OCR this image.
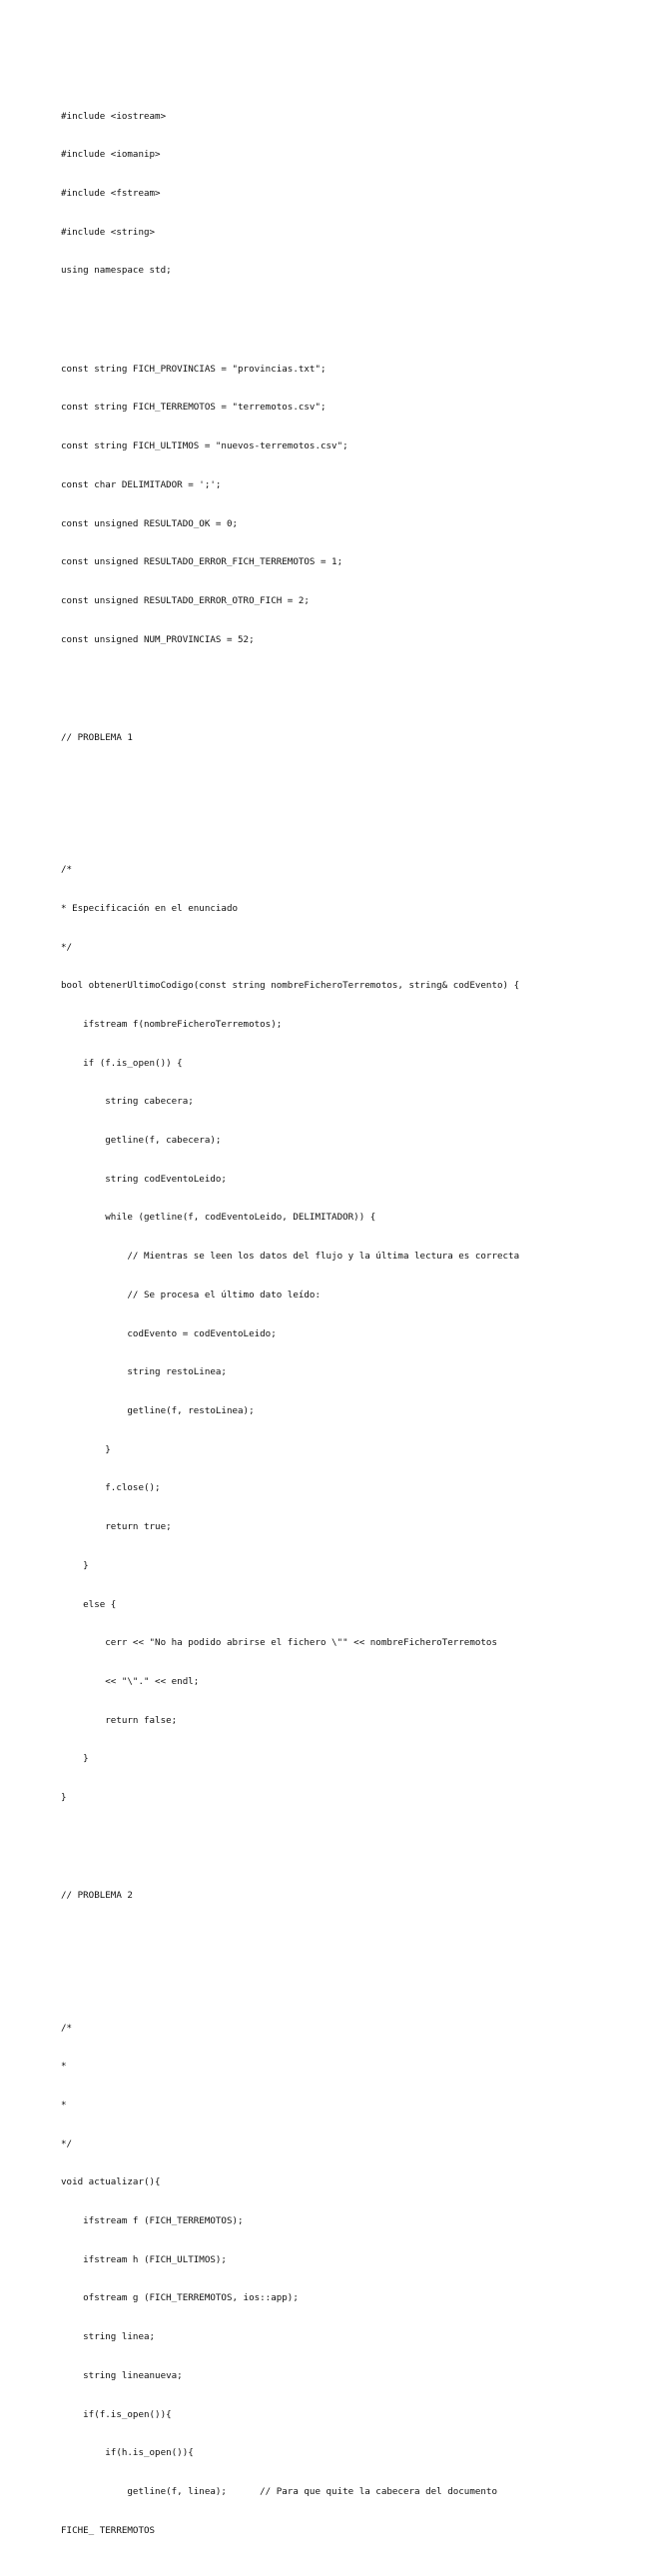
#include <iostream>

#include <iomanip>

#include <fstream>

#include <string>

using namespace std;

const string FICH_PROVINCIAS = "provincias.txt";

const string FICH_TERREMOTOS = "terremotos.csv";

const string FICH_ULTIMOS = "nuevos-terremotos.csv";

const char DELIMITADOR = ';';

const unsigned RESULTADO_OK = 0;

const unsigned RESULTADO_ERROR_FICH_TERREMOTOS = 1;

const unsigned RESULTADO_ERROR_OTRO_FICH = 2;

const unsigned NUM_PROVINCIAS = 52;

// PROBLEMA 1

/*

* Especificación en el enunciado

*/

bool obtenerUltimoCodigo(const string nombreFicheroTerremotos, string& codEvento) {

ifstream f(nombreFicheroTerremotos);

if (f.is_open()) {

string cabecera;

getline(f, cabecera);

string codEventoLeido;

while (getline(f, codEventoLeido, DELIMITADOR)) {

// Mientras se leen los datos del flujo y la última lectura es correcta

// Se procesa el último dato leído:

codEvento = codEventoLeido;

string restoLinea;

getline(f, restoLinea);

}

f.close();

return true;

}

else {

cerr << "No ha podido abrirse el fichero \"" << nombreFicheroTerremotos

<< "\"." << endl;

return false;

}

}

// PROBLEMA 2

/*

*

*

*/

void actualizar(){

ifstream f (FICH_TERREMOTOS);

ifstream h (FICH_ULTIMOS);

ofstream g (FICH_TERREMOTOS, ios::app);

string linea;

string lineanueva;

if(f.is_open()){

if(h.is_open()){

getline(f, linea);      // Para que quite la cabecera del documento

FICHE_ TERREMOTOS
